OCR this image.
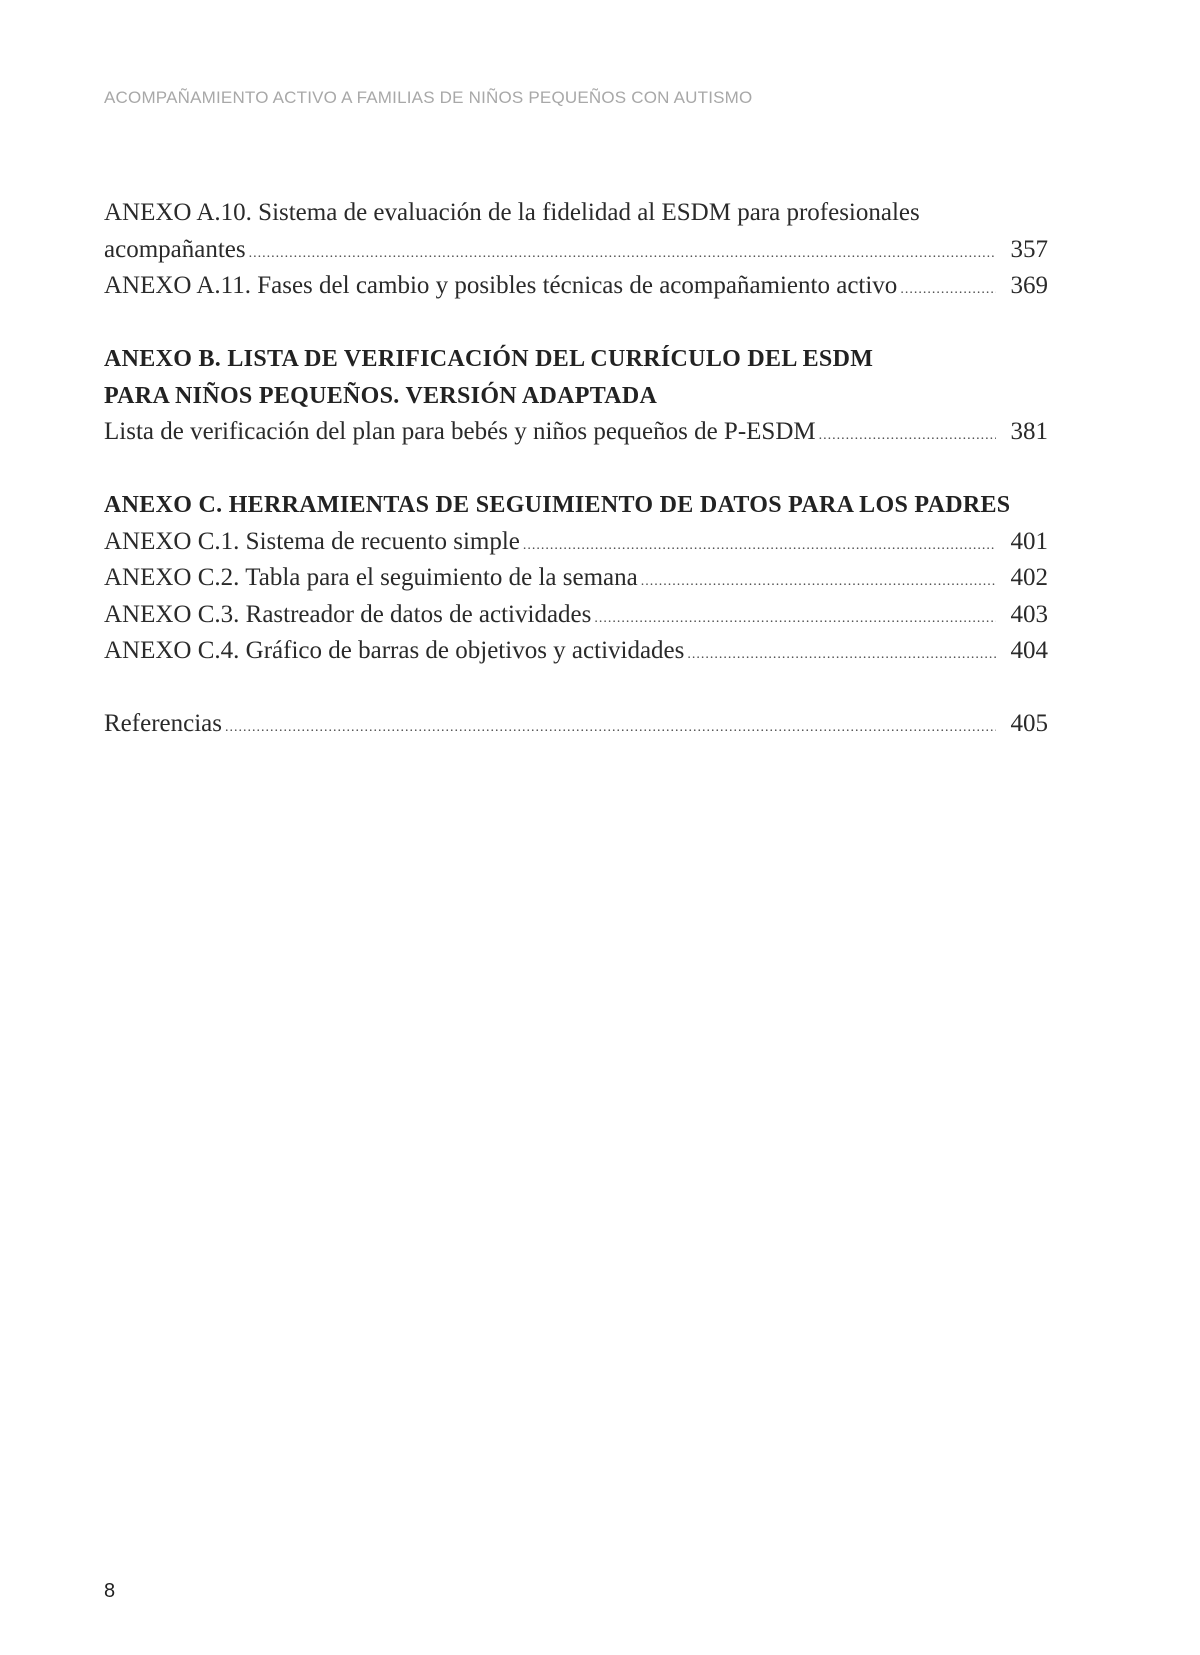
ACOMPAÑAMIENTO ACTIVO A FAMILIAS DE NIÑOS PEQUEÑOS CON AUTISMO
ANEXO A.10. Sistema de evaluación de la fidelidad al ESDM para profesionales
acompañantes .....	357
ANEXO A.11. Fases del cambio y posibles técnicas de acompañamiento activo .....	369
ANEXO B. LISTA DE VERIFICACIÓN DEL CURRÍCULO DEL ESDM
PARA NIÑOS PEQUEÑOS. VERSIÓN ADAPTADA
Lista de verificación del plan para bebés y niños pequeños de P-ESDM .....	381
ANEXO C. HERRAMIENTAS DE SEGUIMIENTO DE DATOS PARA LOS PADRES
ANEXO C.1. Sistema de recuento simple .....	401
ANEXO C.2. Tabla para el seguimiento de la semana .....	402
ANEXO C.3. Rastreador de datos de actividades .....	403
ANEXO C.4. Gráfico de barras de objetivos y actividades .....	404
Referencias .....	405
8
